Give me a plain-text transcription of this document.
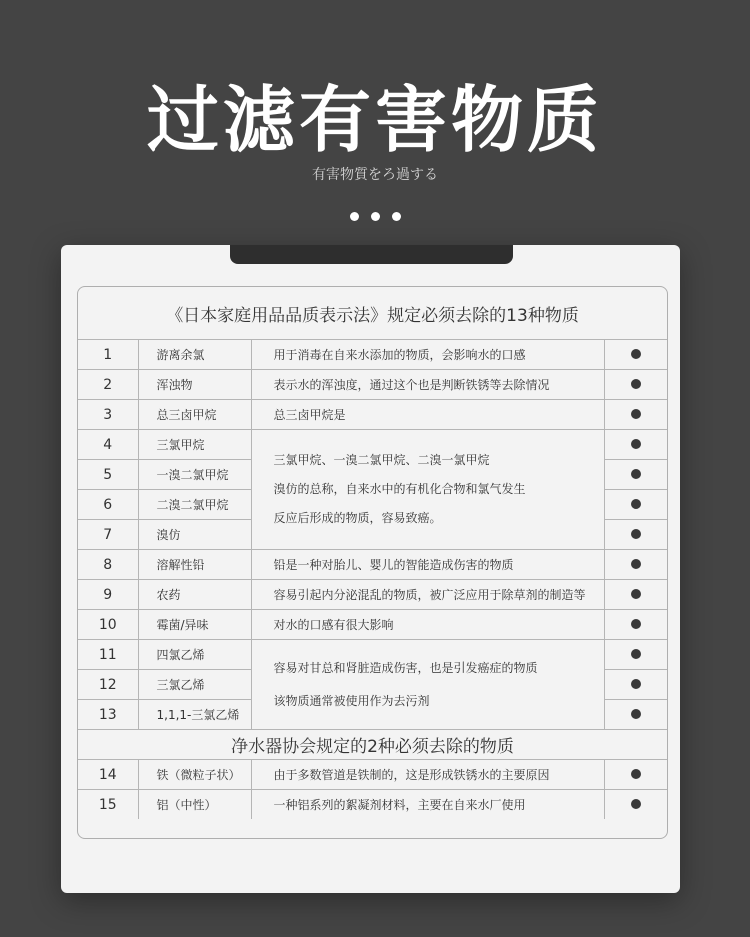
过滤有害物质
有害物質をろ過する
《日本家庭用品品质表示法》规定必须去除的13种物质			
1	游离余氯	用于消毒在自来水添加的物质，会影响水的口感	
2	浑浊物	表示水的浑浊度，通过这个也是判断铁锈等去除情况	
3	总三卤甲烷	总三卤甲烷是	
4	三氯甲烷	三氯甲烷、一溴二氯甲烷、二溴一氯甲烷
溴仿的总称，自来水中的有机化合物和氯气发生
反应后形成的物质，容易致癌。	

5	一溴二氯甲烷		
6	二溴二氯甲烷		
7	溴仿		
8	溶解性铅	铅是一种对胎儿、婴儿的智能造成伤害的物质	
9	农药	容易引起内分泌混乱的物质，被广泛应用于除草剂的制造等	
10	霉菌/异味	对水的口感有很大影响	
11	四氯乙烯	容易对甘总和肾脏造成伤害，也是引发癌症的物质
该物质通常被使用作为去污剂	

12	三氯乙烯		
13	1,1,1-三氯乙烯		
净水器协会规定的2种必须去除的物质			
14	铁（微粒子状）	由于多数管道是铁制的，这是形成铁锈水的主要原因	
15	铝（中性）	一种铝系列的絮凝剂材料，主要在自来水厂使用	
